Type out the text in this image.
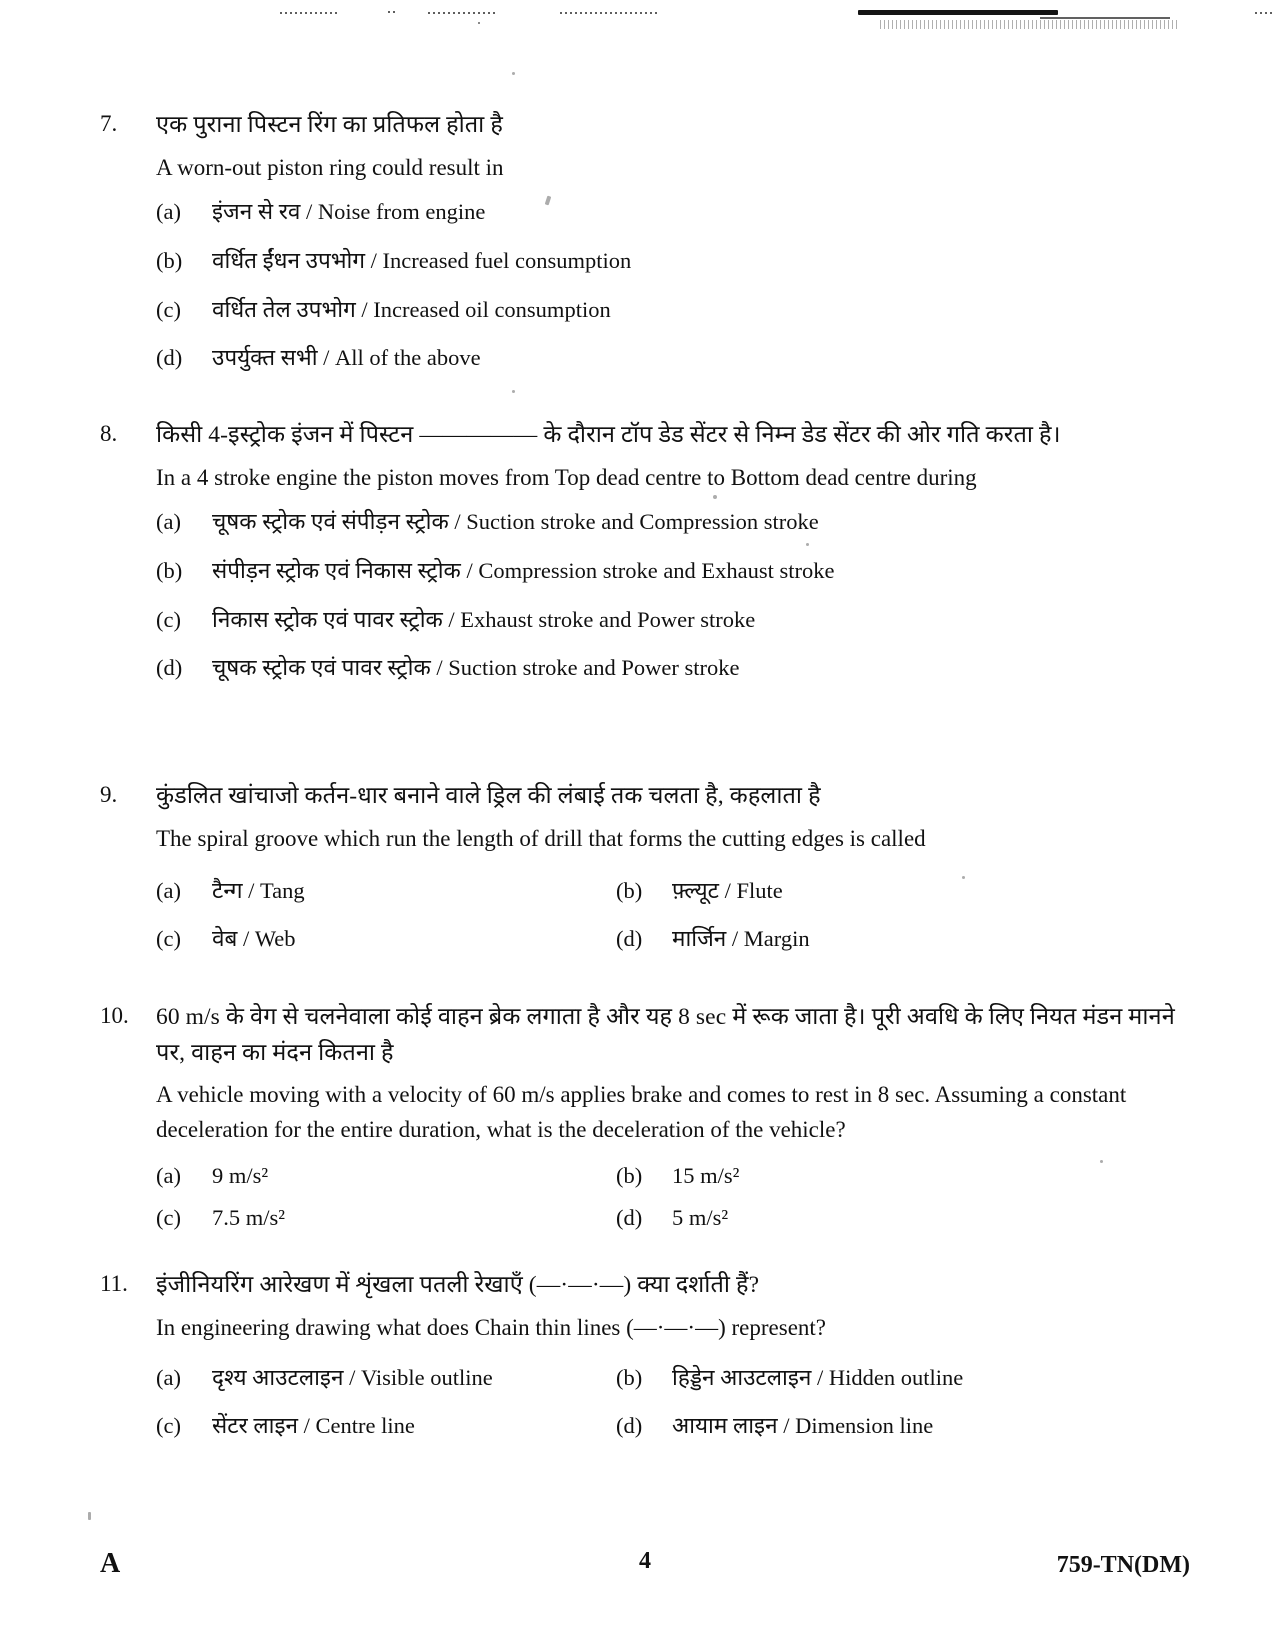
7.	एक पुराना पिस्टन रिंग का प्रतिफल होता है
A worn-out piston ring could result in
(a)	इंजन से रव / Noise from engine
(b)	वर्धित ईंधन उपभोग / Increased fuel consumption
(c)	वर्धित तेल उपभोग / Increased oil consumption
(d)	उपर्युक्त सभी / All of the above
8.	किसी 4-इस्ट्रोक इंजन में पिस्टन ————— के दौरान टॉप डेड सेंटर से निम्न डेड सेंटर की ओर गति करता है।
In a 4 stroke engine the piston moves from Top dead centre to Bottom dead centre during
(a)	चूषक स्ट्रोक एवं संपीड़न स्ट्रोक / Suction stroke and Compression stroke
(b)	संपीड़न स्ट्रोक एवं निकास स्ट्रोक / Compression stroke and Exhaust stroke
(c)	निकास स्ट्रोक एवं पावर स्ट्रोक / Exhaust stroke and Power stroke
(d)	चूषक स्ट्रोक एवं पावर स्ट्रोक / Suction stroke and Power stroke
9.	कुंडलित खांचाजो कर्तन-धार बनाने वाले ड्रिल की लंबाई तक चलता है, कहलाता है
The spiral groove which run the length of drill that forms the cutting edges is called
(a)	टैन्ग / Tang	(b)	फ़्ल्यूट / Flute
(c)	वेब / Web	(d)	मार्जिन / Margin
10.	60 m/s के वेग से चलनेवाला कोई वाहन ब्रेक लगाता है और यह 8 sec में रूक जाता है। पूरी अवधि के लिए नियत मंडन मानने पर, वाहन का मंदन कितना है
A vehicle moving with a velocity of 60 m/s applies brake and comes to rest in 8 sec. Assuming a constant deceleration for the entire duration, what is the deceleration of the vehicle?
(a)	9 m/s²	(b)	15 m/s²
(c)	7.5 m/s²	(d)	5 m/s²
11.	इंजीनियरिंग आरेखण में शृंखला पतली रेखाएँ (—·—·—) क्या दर्शाती हैं?
In engineering drawing what does Chain thin lines (—·—·—) represent?
(a)	दृश्य आउटलाइन / Visible outline	(b)	हिड्डेन आउटलाइन / Hidden outline
(c)	सेंटर लाइन / Centre line	(d)	आयाम लाइन / Dimension line
A	4	759-TN(DM)
